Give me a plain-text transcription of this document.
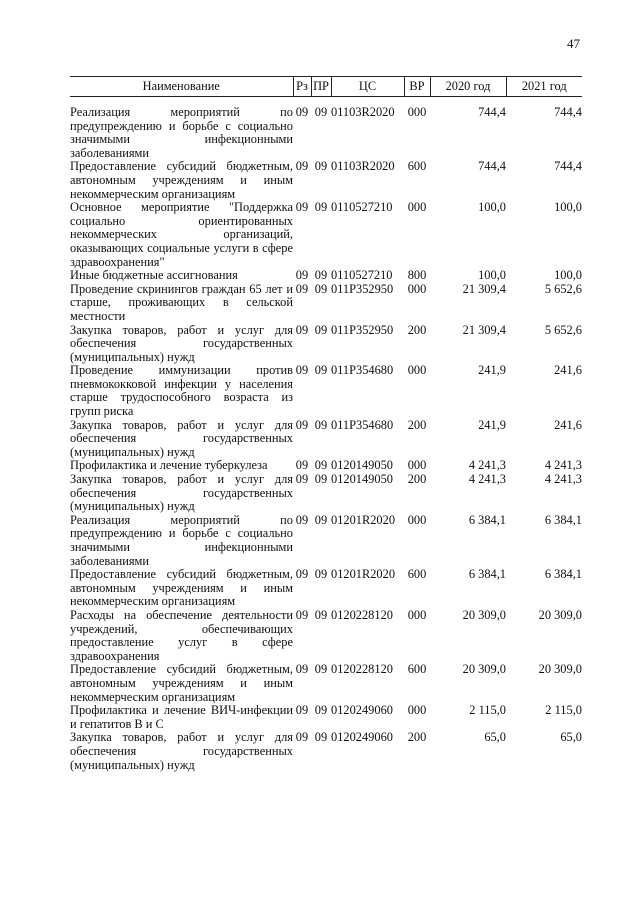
47
Наименование	Рз	ПР	ЦС	ВР	2020 год	2021 год
Реализация мероприятий по предупреждению и борьбе с социально значимыми инфекционными заболеваниями	09	09	01103R2020	000	744,4	744,4
Предоставление субсидий бюджетным, автономным учреждениям и иным некоммерческим организациям	09	09	01103R2020	600	744,4	744,4
Основное мероприятие "Поддержка социально ориентированных некоммерческих организаций, оказывающих социальные услуги в сфере здравоохранения"	09	09	0110527210	000	100,0	100,0
Иные бюджетные ассигнования	09	09	0110527210	800	100,0	100,0
Проведение скринингов граждан 65 лет и старше, проживающих в сельской местности	09	09	011P352950	000	21 309,4	5 652,6
Закупка товаров, работ и услуг для обеспечения государственных (муниципальных) нужд	09	09	011P352950	200	21 309,4	5 652,6
Проведение иммунизации против пневмококковой инфекции у населения старше трудоспособного возраста из групп риска	09	09	011P354680	000	241,9	241,6
Закупка товаров, работ и услуг для обеспечения государственных (муниципальных) нужд	09	09	011P354680	200	241,9	241,6
Профилактика и лечение туберкулеза	09	09	0120149050	000	4 241,3	4 241,3
Закупка товаров, работ и услуг для обеспечения государственных (муниципальных) нужд	09	09	0120149050	200	4 241,3	4 241,3
Реализация мероприятий по предупреждению и борьбе с социально значимыми инфекционными заболеваниями	09	09	01201R2020	000	6 384,1	6 384,1
Предоставление субсидий бюджетным, автономным учреждениям и иным некоммерческим организациям	09	09	01201R2020	600	6 384,1	6 384,1
Расходы на обеспечение деятельности учреждений, обеспечивающих предоставление услуг в сфере здравоохранения	09	09	0120228120	000	20 309,0	20 309,0
Предоставление субсидий бюджетным, автономным учреждениям и иным некоммерческим организациям	09	09	0120228120	600	20 309,0	20 309,0
Профилактика и лечение ВИЧ-инфекции и гепатитов В и С	09	09	0120249060	000	2 115,0	2 115,0
Закупка товаров, работ и услуг для обеспечения государственных (муниципальных) нужд	09	09	0120249060	200	65,0	65,0
